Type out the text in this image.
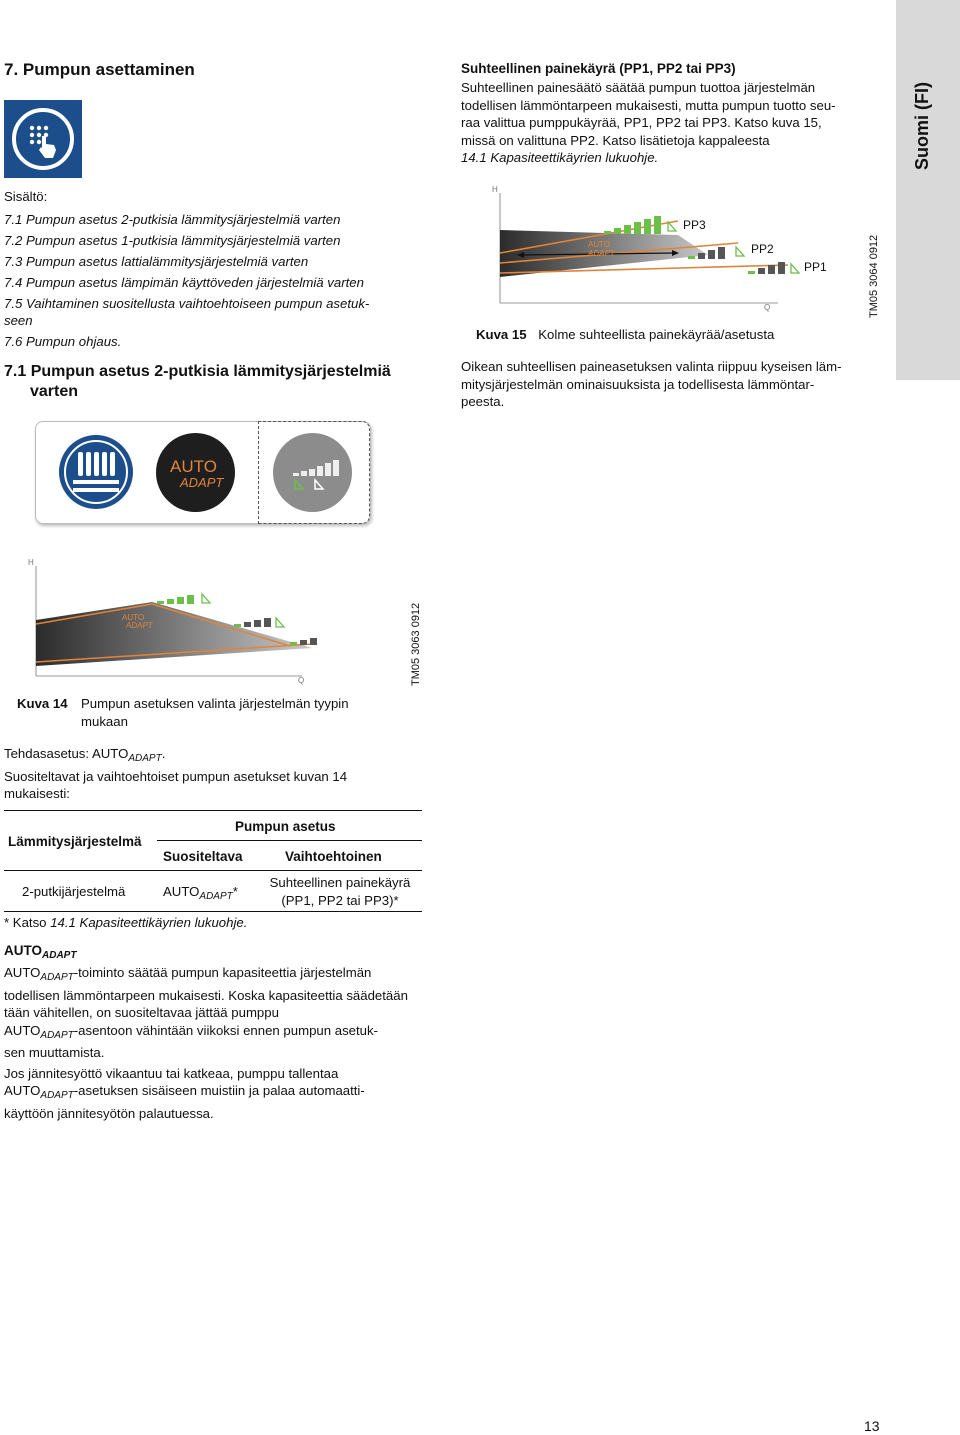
Suomi (FI)
7. Pumpun asettaminen
Sisältö:
7.1 Pumpun asetus 2-putkisia lämmitysjärjestelmiä varten
7.2 Pumpun asetus 1-putkisia lämmitysjärjestelmiä varten
7.3 Pumpun asetus lattialämmitysjärjestelmiä varten
7.4 Pumpun asetus lämpimän käyttöveden järjestelmiä varten
7.5 Vaihtaminen suositellusta vaihtoehtoiseen pumpun asetuk-
seen
7.6 Pumpun ohjaus.
7.1 Pumpun asetus 2-putkisia lämmitysjärjestelmiä
varten
Suhteellinen painekäyrä (PP1, PP2 tai PP3)
Suhteellinen painesäätö säätää pumpun tuottoa järjestelmän
todellisen lämmöntarpeen mukaisesti, mutta pumpun tuotto seu-
raa valittua pumppukäyrää, PP1, PP2 tai PP3. Katso kuva 15,
missä on valittuna PP2. Katso lisätietoja kappaleesta
14.1 Kapasiteettikäyrien lukuohje.
H
Q
AUTO
ADAPT
PP3
PP2
PP1	TM05 3064 0912
Kuva 15 Kolme suhteellista painekäyrää/asetusta
Oikean suhteellisen paineasetuksen valinta riippuu kyseisen läm-
mitysjärjestelmän ominaisuuksista ja todellisesta lämmöntar-
peesta.
AUTO
ADAPT
H
Q
AUTO
ADAPT	TM05 3063 0912
Kuva 14 Pumpun asetuksen valinta järjestelmän tyypin
mukaan
Tehdasasetus: $AUTO_{ADAPT}$.
Suositeltavat ja vaihtoehtoiset pumpun asetukset kuvan 14
mukaisesti:
Pumpun asetus
Lämmitysjärjestelmä
Suositeltava	Vaihtoehtoinen
2-putkijärjestelmä	$AUTO_{ADAPT}*$
Suhteellinen painekäyrä
(PP1, PP2 tai PP3)*
* Katso 14.1 Kapasiteettikäyrien lukuohje.
$AUTO_{ADAPT}$
$AUTO_{ADAPT}$-toiminto säätää pumpun kapasiteettia järjestelmän
todellisen lämmöntarpeen mukaisesti. Koska kapasiteettia säädetään
tään vähitellen, on suositeltavaa jättää pumppu
$AUTO_{ADAPT}$-asentoon vähintään viikoksi ennen pumpun asetuk-
sen muuttamista.
Jos jännitesyöttö vikaantuu tai katkeaa, pumppu tallentaa
$AUTO_{ADAPT}$-asetuksen sisäiseen muistiin ja palaa automaatti-
käyttöön jännitesyötön palautuessa.
13
